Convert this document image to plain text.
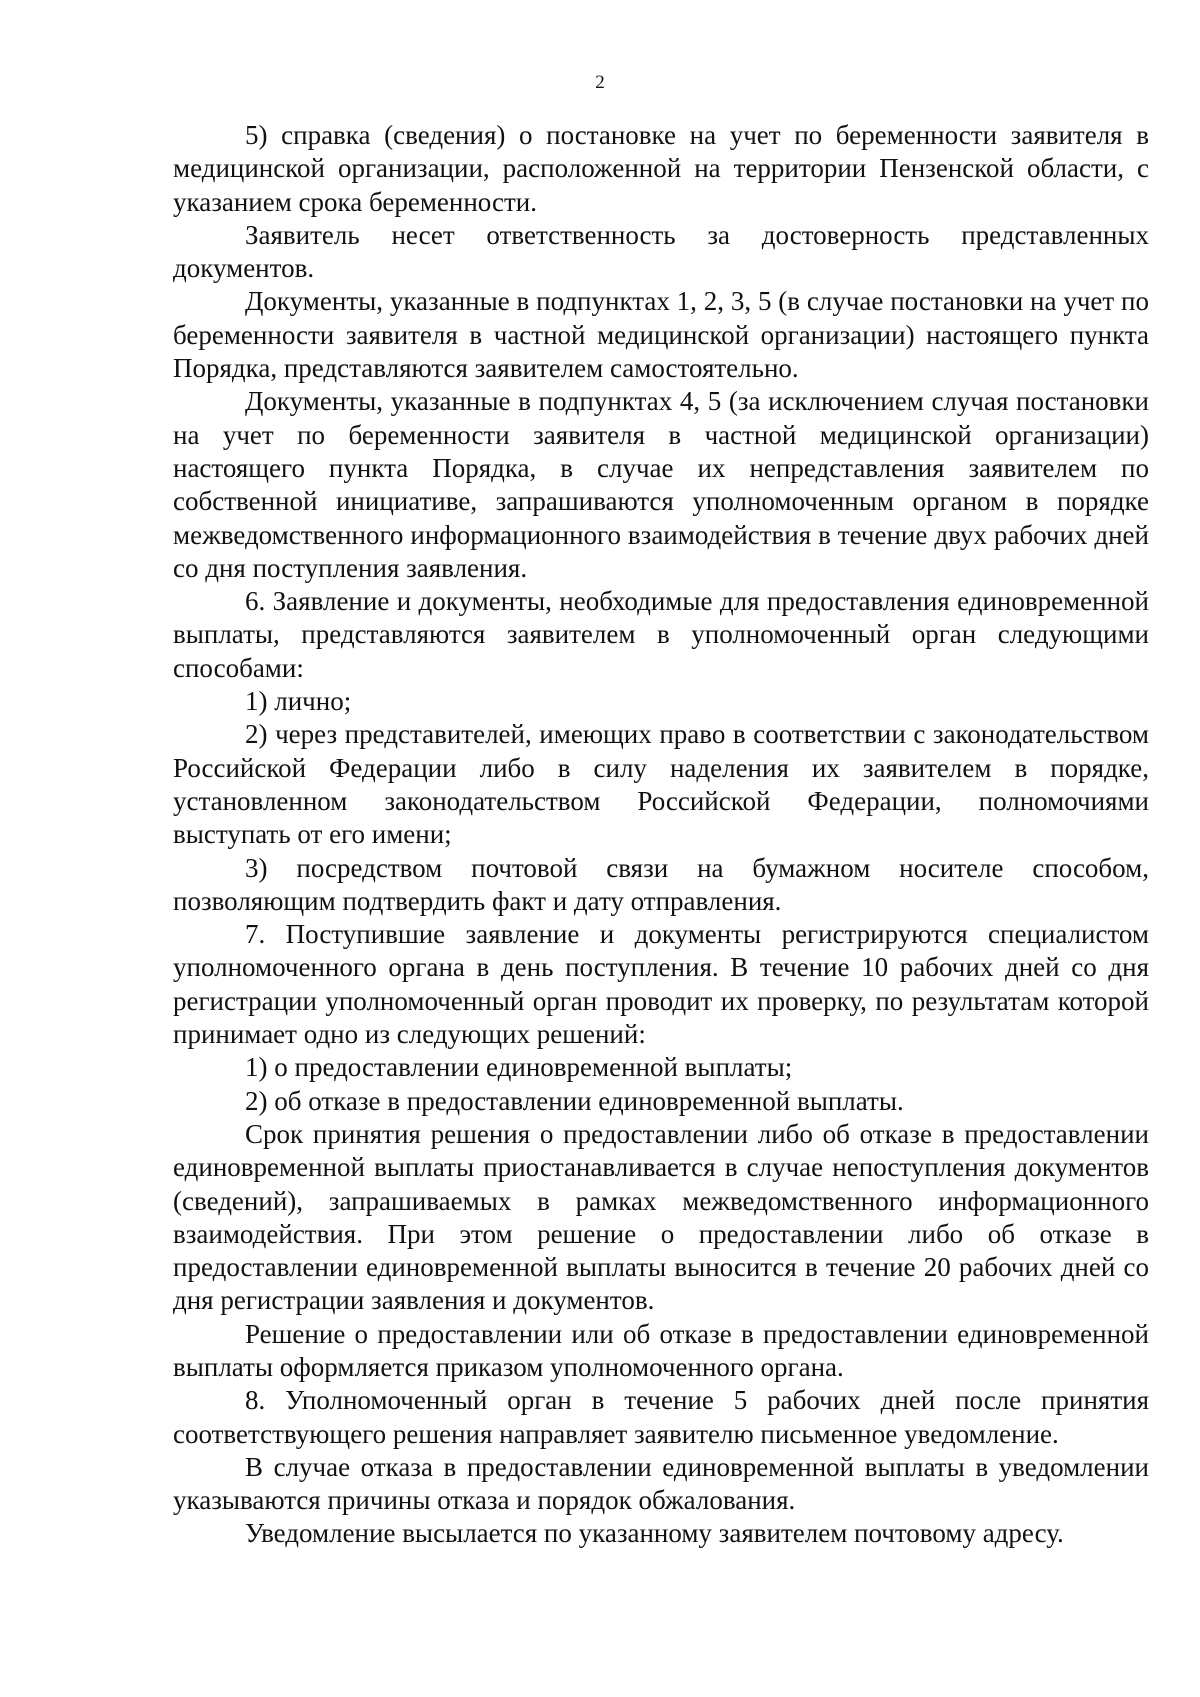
2

5) справка (сведения) о постановке на учет по беременности заявителя в медицинской организации, расположенной на территории Пензенской области, с указанием срока беременности.

Заявитель несет ответственность за достоверность представленных документов.

Документы, указанные в подпунктах 1, 2, 3, 5 (в случае постановки на учет по беременности заявителя в частной медицинской организации) настоящего пункта Порядка, представляются заявителем самостоятельно.

Документы, указанные в подпунктах 4, 5 (за исключением случая постановки на учет по беременности заявителя в частной медицинской организации) настоящего пункта Порядка, в случае их непредставления заявителем по собственной инициативе, запрашиваются уполномоченным органом в порядке межведомственного информационного взаимодействия в течение двух рабочих дней со дня поступления заявления.

6. Заявление и документы, необходимые для предоставления единовременной выплаты, представляются заявителем в уполномоченный орган следующими способами:

1) лично;

2) через представителей, имеющих право в соответствии с законодательством Российской Федерации либо в силу наделения их заявителем в порядке, установленном законодательством Российской Федерации, полномочиями выступать от его имени;

3) посредством почтовой связи на бумажном носителе способом, позволяющим подтвердить факт и дату отправления.

7. Поступившие заявление и документы регистрируются специалистом уполномоченного органа в день поступления. В течение 10 рабочих дней со дня регистрации уполномоченный орган проводит их проверку, по результатам которой принимает одно из следующих решений:

1) о предоставлении единовременной выплаты;

2) об отказе в предоставлении единовременной выплаты.

Срок принятия решения о предоставлении либо об отказе в предоставлении единовременной выплаты приостанавливается в случае непоступления документов (сведений), запрашиваемых в рамках межведомственного информационного взаимодействия. При этом решение о предоставлении либо об отказе в предоставлении единовременной выплаты выносится в течение 20 рабочих дней со дня регистрации заявления и документов.

Решение о предоставлении или об отказе в предоставлении единовременной выплаты оформляется приказом уполномоченного органа.

8. Уполномоченный орган в течение 5 рабочих дней после принятия соответствующего решения направляет заявителю письменное уведомление.

В случае отказа в предоставлении единовременной выплаты в уведомлении указываются причины отказа и порядок обжалования.

Уведомление высылается по указанному заявителем почтовому адресу.
